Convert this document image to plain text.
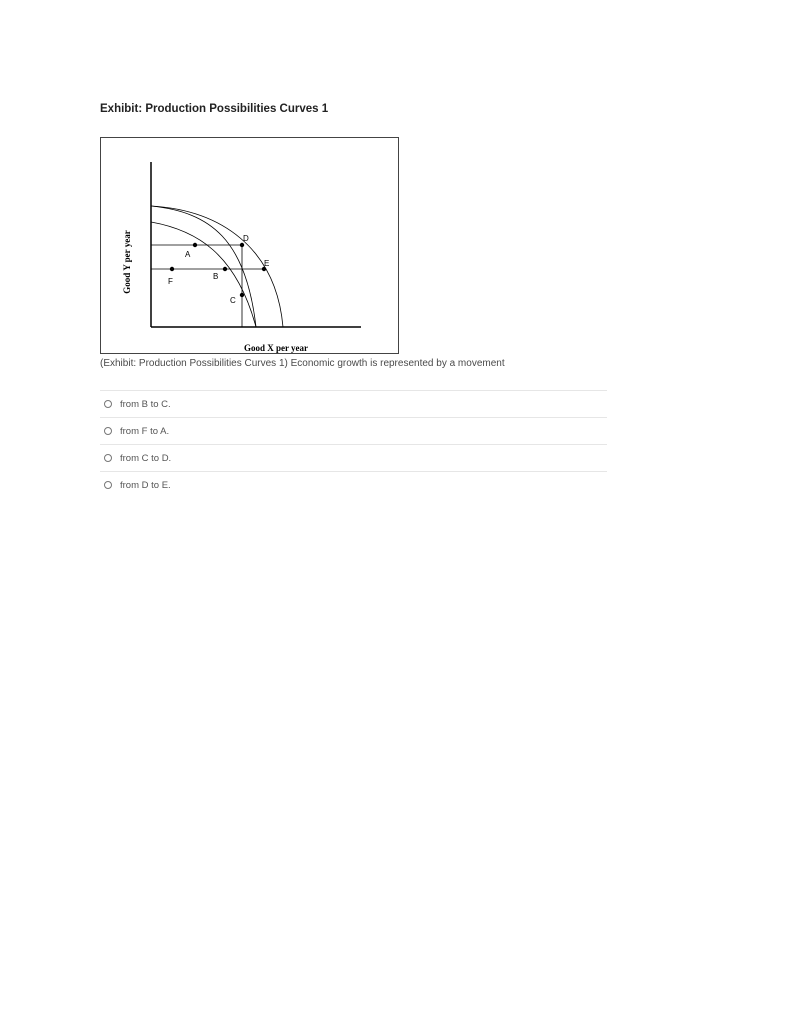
Exhibit: Production Possibilities Curves 1
A
B
C
D
E
F
Good Y per year
Good X per year
(Exhibit: Production Possibilities Curves 1) Economic growth is represented by a movement
from B to C.
from F to A.
from C to D.
from D to E.
